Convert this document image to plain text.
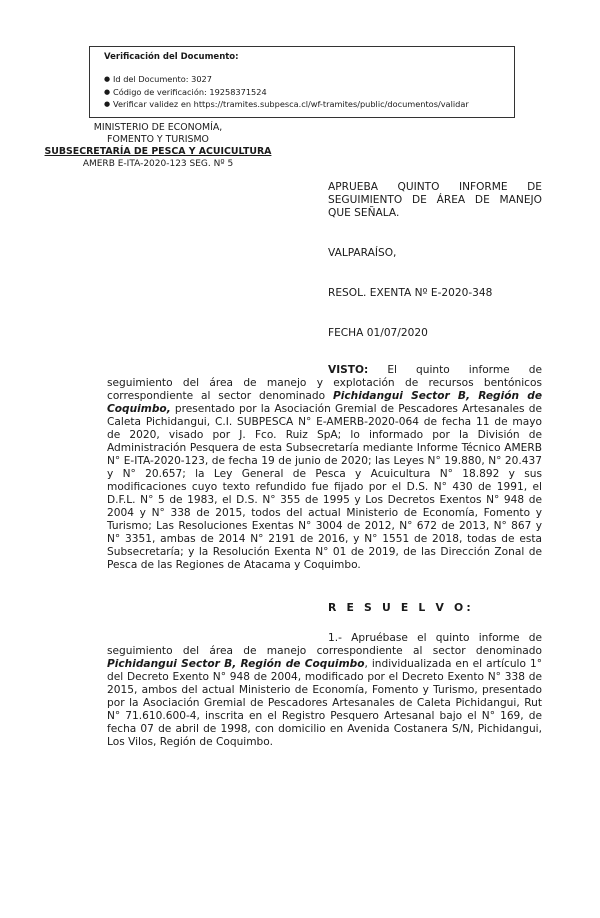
Verificación del Documento:

● Id del Documento: 3027
● Código de verificación: 19258371524
● Verificar validez en https://tramites.subpesca.cl/wf-tramites/public/documentos/validar
MINISTERIO DE ECONOMÍA,
FOMENTO Y TURISMO
SUBSECRETARÍA DE PESCA Y ACUICULTURA
AMERB E-ITA-2020-123 SEG. Nº 5
APRUEBA QUINTO INFORME DE SEGUIMIENTO DE ÁREA DE MANEJO QUE SEÑALA.
VALPARAÍSO,
RESOL. EXENTA Nº E-2020-348
FECHA 01/07/2020

VISTO: El quinto informe de seguimiento del área de manejo y explotación de recursos bentónicos correspondiente al sector denominado Pichidangui Sector B, Región de Coquimbo, presentado por la Asociación Gremial de Pescadores Artesanales de Caleta Pichidangui, C.I. SUBPESCA N° E-AMERB-2020-064 de fecha 11 de mayo de 2020, visado por J. Fco. Ruiz SpA; lo informado por la División de Administración Pesquera de esta Subsecretaría mediante Informe Técnico AMERB N° E-ITA-2020-123, de fecha 19 de junio de 2020; las Leyes N° 19.880, N° 20.437 y N° 20.657; la Ley General de Pesca y Acuicultura N° 18.892 y sus modificaciones cuyo texto refundido fue fijado por el D.S. N° 430 de 1991, el D.F.L. N° 5 de 1983, el D.S. N° 355 de 1995 y Los Decretos Exentos N° 948 de 2004 y N° 338 de 2015, todos del actual Ministerio de Economía, Fomento y Turismo; Las Resoluciones Exentas N° 3004 de 2012, N° 672 de 2013, N° 867 y N° 3351, ambas de 2014 N° 2191 de 2016, y N° 1551 de 2018, todas de esta Subsecretaría; y la Resolución Exenta N° 01 de 2019, de las Dirección Zonal de Pesca de las Regiones de Atacama y Coquimbo.

R E S U E L V O:

1.- Apruébase el quinto informe de seguimiento del área de manejo correspondiente al sector denominado Pichidangui Sector B, Región de Coquimbo, individualizada en el artículo 1° del Decreto Exento N° 948 de 2004, modificado por el Decreto Exento N° 338 de 2015, ambos del actual Ministerio de Economía, Fomento y Turismo, presentado por la Asociación Gremial de Pescadores Artesanales de Caleta Pichidangui, Rut N° 71.610.600-4, inscrita en el Registro Pesquero Artesanal bajo el N° 169, de fecha 07 de abril de 1998, con domicilio en Avenida Costanera S/N, Pichidangui, Los Vilos, Región de Coquimbo.
